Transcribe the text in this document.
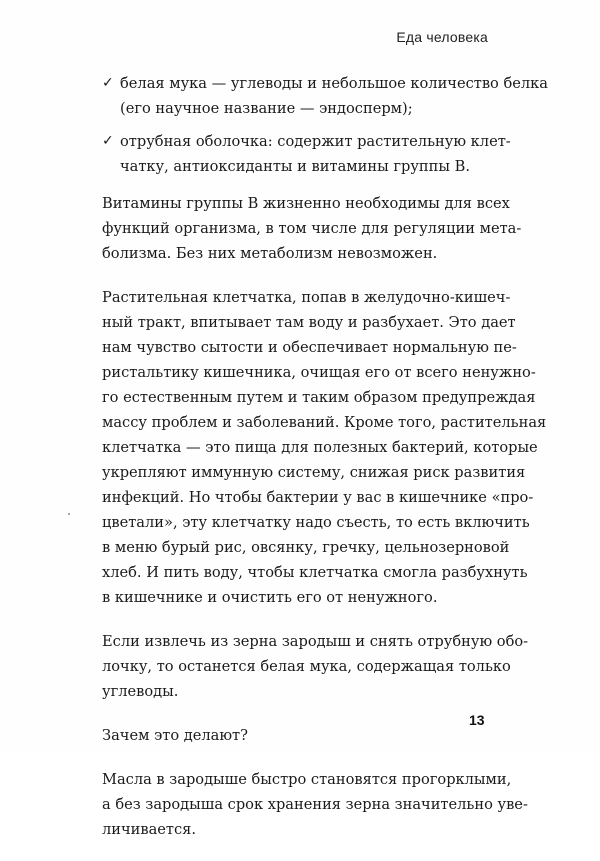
Еда человека
✓ белая мука — углеводы и небольшое количество белка
(его научное название — эндосперм);
✓ отрубная оболочка: содержит растительную клет-
чатку, антиоксиданты и витамины группы В.

Витамины группы В жизненно необходимы для всех
функций организма, в том числе для регуляции мета-
болизма. Без них метаболизм невозможен.

Растительная клетчатка, попав в желудочно-кишеч-
ный тракт, впитывает там воду и разбухает. Это дает
нам чувство сытости и обеспечивает нормальную пе-
ристальтику кишечника, очищая его от всего ненужно-
го естественным путем и таким образом предупреждая
массу проблем и заболеваний. Кроме того, растительная
клетчатка — это пища для полезных бактерий, которые
укрепляют иммунную систему, снижая риск развития
инфекций. Но чтобы бактерии у вас в кишечнике «про-
цветали», эту клетчатку надо съесть, то есть включить
в меню бурый рис, овсянку, гречку, цельнозерновой
хлеб. И пить воду, чтобы клетчатка смогла разбухнуть
в кишечнике и очистить его от ненужного.

Если извлечь из зерна зародыш и снять отрубную обо-
лочку, то останется белая мука, содержащая только
углеводы.

Зачем это делают?

Масла в зародыше быстро становятся прогорклыми,
а без зародыша срок хранения зерна значительно уве-
личивается.

13
